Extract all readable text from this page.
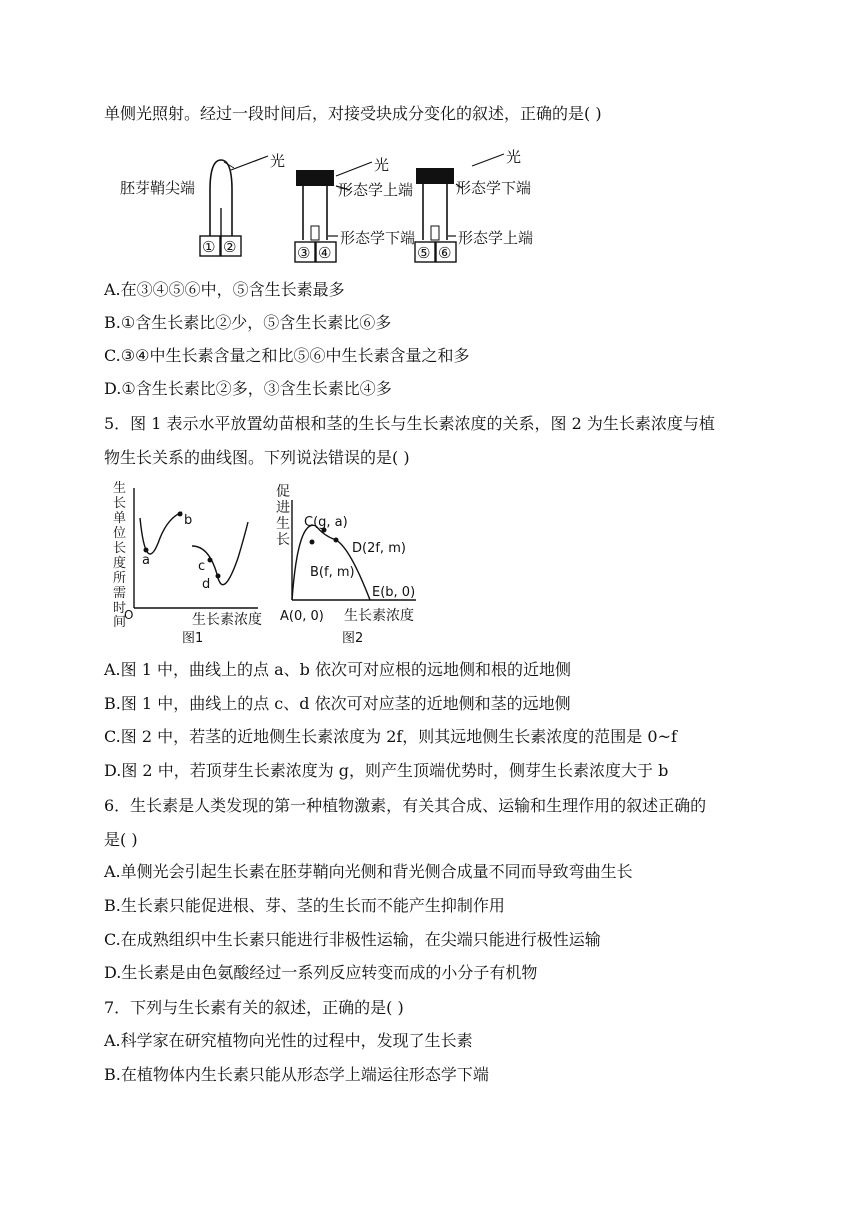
单侧光照射。经过一段时间后，对接受块成分变化的叙述，正确的是( )
胚芽鞘尖端
光
① ②
光
形态学上端
形态学下端
③ ④
光
形态学下端
形态学上端
⑤ ⑥
A.在③④⑤⑥中，⑤含生长素最多
B.①含生长素比②少，⑤含生长素比⑥多
C.③④中生长素含量之和比⑤⑥中生长素含量之和多
D.①含生长素比②多，③含生长素比④多
5．图 1 表示水平放置幼苗根和茎的生长与生长素浓度的关系，图 2 为生长素浓度与植
物生长关系的曲线图。下列说法错误的是( )
生
长
单
位
长
度
所
需
时
间
O
a
b
c
d
生长素浓度
图1
促
进
生
长
C(g, a)
D(2f, m)
B(f, m)
E(b, 0)
A(0, 0) 生长素浓度
图2
A.图 1 中，曲线上的点 a、b 依次可对应根的远地侧和根的近地侧
B.图 1 中，曲线上的点 c、d 依次可对应茎的近地侧和茎的远地侧
C.图 2 中，若茎的近地侧生长素浓度为 2f，则其远地侧生长素浓度的范围是 0~f
D.图 2 中，若顶芽生长素浓度为 g，则产生顶端优势时，侧芽生长素浓度大于 b
6．生长素是人类发现的第一种植物激素，有关其合成、运输和生理作用的叙述正确的
是( )
A.单侧光会引起生长素在胚芽鞘向光侧和背光侧合成量不同而导致弯曲生长
B.生长素只能促进根、芽、茎的生长而不能产生抑制作用
C.在成熟组织中生长素只能进行非极性运输，在尖端只能进行极性运输
D.生长素是由色氨酸经过一系列反应转变而成的小分子有机物
7．下列与生长素有关的叙述，正确的是( )
A.科学家在研究植物向光性的过程中，发现了生长素
B.在植物体内生长素只能从形态学上端运往形态学下端
